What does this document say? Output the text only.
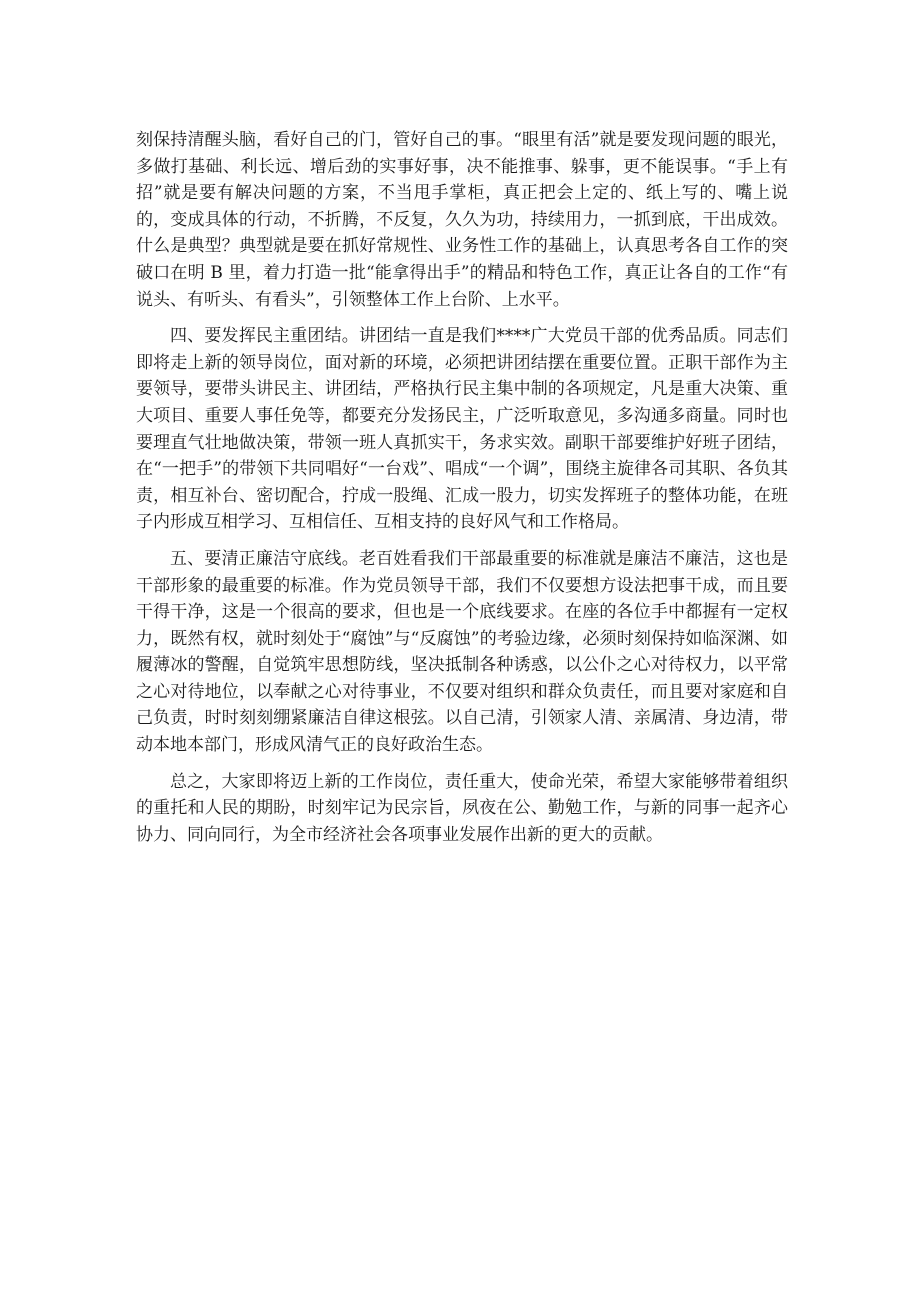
刻保持清醒头脑，看好自己的门，管好自己的事。“眼里有活”就是要发现问题的眼光，多做打基础、利长远、增后劲的实事好事，决不能推事、躲事，更不能误事。“手上有招”就是要有解决问题的方案，不当甩手掌柜，真正把会上定的、纸上写的、嘴上说的，变成具体的行动，不折腾，不反复，久久为功，持续用力，一抓到底，干出成效。什么是典型？典型就是要在抓好常规性、业务性工作的基础上，认真思考各自工作的突破口在明 B 里，着力打造一批“能拿得出手”的精品和特色工作，真正让各自的工作“有说头、有听头、有看头”，引领整体工作上台阶、上水平。

四、要发挥民主重团结。讲团结一直是我们****广大党员干部的优秀品质。同志们即将走上新的领导岗位，面对新的环境，必须把讲团结摆在重要位置。正职干部作为主要领导，要带头讲民主、讲团结，严格执行民主集中制的各项规定，凡是重大决策、重大项目、重要人事任免等，都要充分发扬民主，广泛听取意见，多沟通多商量。同时也要理直气壮地做决策，带领一班人真抓实干，务求实效。副职干部要维护好班子团结，在“一把手”的带领下共同唱好“一台戏”、唱成“一个调”，围绕主旋律各司其职、各负其责，相互补台、密切配合，拧成一股绳、汇成一股力，切实发挥班子的整体功能，在班子内形成互相学习、互相信任、互相支持的良好风气和工作格局。

五、要清正廉洁守底线。老百姓看我们干部最重要的标准就是廉洁不廉洁，这也是干部形象的最重要的标准。作为党员领导干部，我们不仅要想方设法把事干成，而且要干得干净，这是一个很高的要求，但也是一个底线要求。在座的各位手中都握有一定权力，既然有权，就时刻处于“腐蚀”与“反腐蚀”的考验边缘，必须时刻保持如临深渊、如履薄冰的警醒，自觉筑牢思想防线，坚决抵制各种诱惑，以公仆之心对待权力，以平常之心对待地位，以奉献之心对待事业，不仅要对组织和群众负责任，而且要对家庭和自己负责，时时刻刻绷紧廉洁自律这根弦。以自己清，引领家人清、亲属清、身边清，带动本地本部门，形成风清气正的良好政治生态。

总之，大家即将迈上新的工作岗位，责任重大，使命光荣，希望大家能够带着组织的重托和人民的期盼，时刻牢记为民宗旨，夙夜在公、勤勉工作，与新的同事一起齐心协力、同向同行，为全市经济社会各项事业发展作出新的更大的贡献。
